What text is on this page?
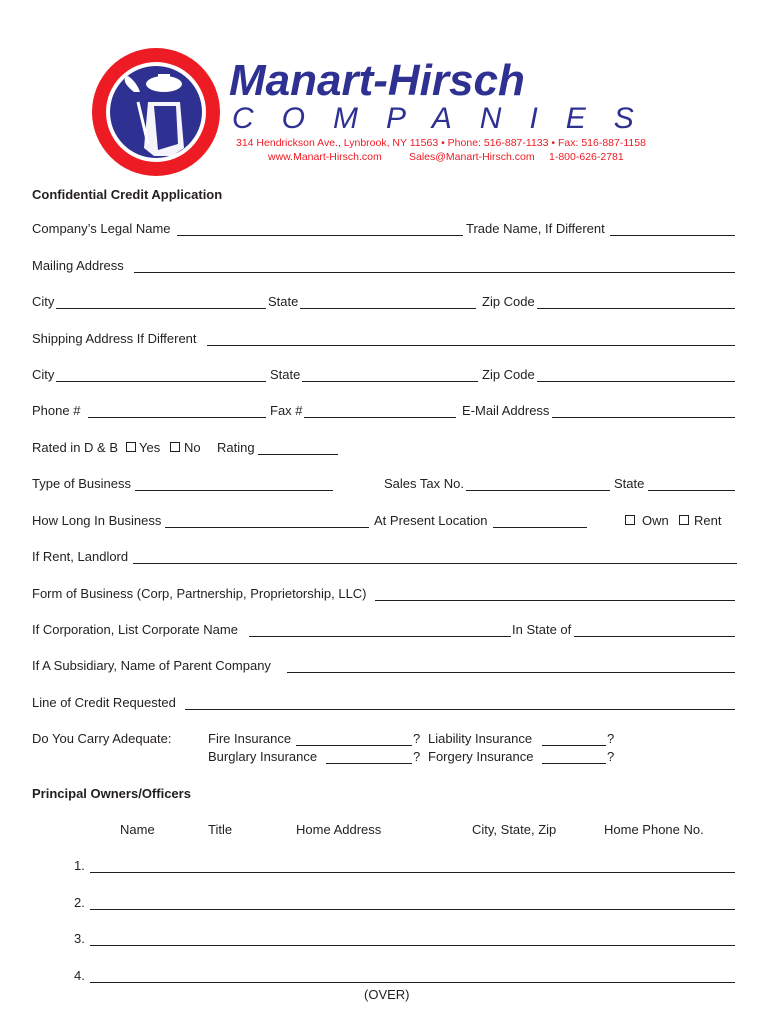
Manart-Hirsch
COMPANIES
314 Hendrickson Ave., Lynbrook, NY 11563 • Phone: 516-887-1133 • Fax: 516-887-1158
www.Manart-Hirsch.com	Sales@Manart-Hirsch.com 1-800-626-2781
Confidential Credit Application
Company’s Legal Name	Trade Name, If Different
Mailing Address
City	State	Zip Code
Shipping Address If Different
City	State	Zip Code
Phone #	Fax #	E-Mail Address
Rated in D & B Yes No Rating
Type of Business	Sales Tax No.	State
How Long In Business	At Present Location	Own Rent
If Rent, Landlord
Form of Business (Corp, Partnership, Proprietorship, LLC)
If Corporation, List Corporate Name	In State of
If A Subsidiary, Name of Parent Company
Line of Credit Requested
Do You Carry Adequate:	Fire Insurance	? Liability Insurance	?
Burglary Insurance	? Forgery Insurance	?
Principal Owners/Officers
Name	Title	Home Address	City, State, Zip	Home Phone No.
1.
2.
3.
4.
(OVER)
